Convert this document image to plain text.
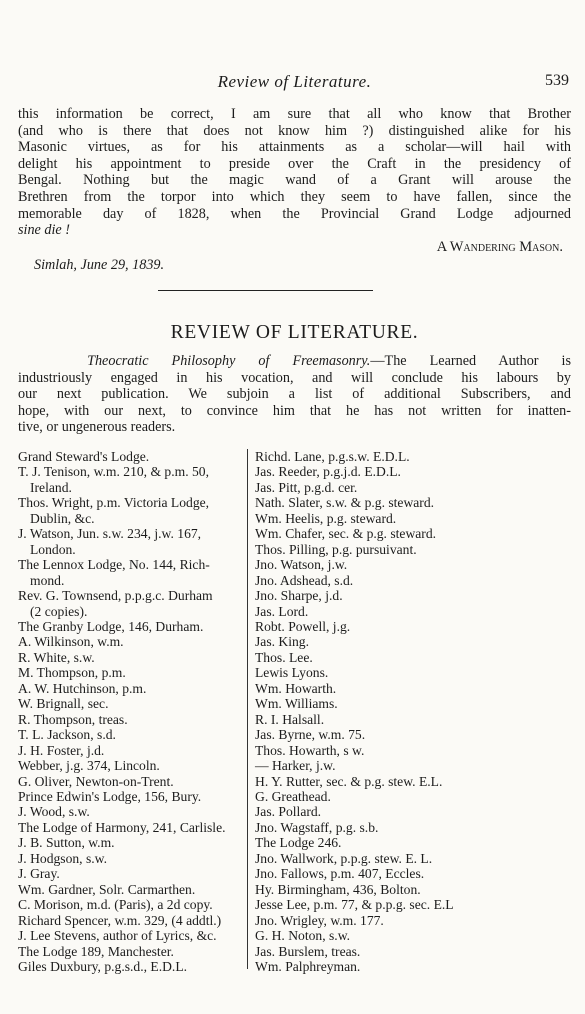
Review of Literature.	539

this information be correct, I am sure that all who know that Brother

(and who is there that does not know him ?) distinguished alike for his

Masonic virtues, as for his attainments as a scholar—will hail with

delight his appointment to preside over the Craft in the presidency of

Bengal. Nothing but the magic wand of a Grant will arouse the

Brethren from the torpor into which they seem to have fallen, since the

memorable day of 1828, when the Provincial Grand Lodge adjourned

sine die !

A Wandering Mason.
Simlah, June 29, 1839.
REVIEW OF LITERATURE.

Theocratic Philosophy of Freemasonry.—The Learned Author is

industriously engaged in his vocation, and will conclude his labours by

our next publication. We subjoin a list of additional Subscribers, and

hope, with our next, to convince him that he has not written for inatten-

tive, or ungenerous readers.

Grand Steward's Lodge.
T. J. Tenison, w.m. 210, & p.m. 50,
Ireland.
Thos. Wright, p.m. Victoria Lodge,
Dublin, &c.
J. Watson, Jun. s.w. 234, j.w. 167,
London.
The Lennox Lodge, No. 144, Rich-
mond.
Rev. G. Townsend, p.p.g.c. Durham
(2 copies).
The Granby Lodge, 146, Durham.
A. Wilkinson, w.m.
R. White, s.w.
M. Thompson, p.m.
A. W. Hutchinson, p.m.
W. Brignall, sec.
R. Thompson, treas.
T. L. Jackson, s.d.
J. H. Foster, j.d.
Webber, j.g. 374, Lincoln.
G. Oliver, Newton-on-Trent.
Prince Edwin's Lodge, 156, Bury.
J. Wood, s.w.
The Lodge of Harmony, 241, Carlisle.
J. B. Sutton, w.m.
J. Hodgson, s.w.
J. Gray.
Wm. Gardner, Solr. Carmarthen.
C. Morison, m.d. (Paris), a 2d copy.
Richard Spencer, w.m. 329, (4 addtl.)
J. Lee Stevens, author of Lyrics, &c.
The Lodge 189, Manchester.
Giles Duxbury, p.g.s.d., E.D.L.
Richd. Lane, p.g.s.w. E.D.L.
Jas. Reeder, p.g.j.d. E.D.L.
Jas. Pitt, p.g.d. cer.
Nath. Slater, s.w. & p.g. steward.
Wm. Heelis, p.g. steward.
Wm. Chafer, sec. & p.g. steward.
Thos. Pilling, p.g. pursuivant.
Jno. Watson, j.w.
Jno. Adshead, s.d.
Jno. Sharpe, j.d.
Jas. Lord.
Robt. Powell, j.g.
Jas. King.
Thos. Lee.
Lewis Lyons.
Wm. Howarth.
Wm. Williams.
R. I. Halsall.
Jas. Byrne, w.m. 75.
Thos. Howarth, s w.
— Harker, j.w.
H. Y. Rutter, sec. & p.g. stew. E.L.
G. Greathead.
Jas. Pollard.
Jno. Wagstaff, p.g. s.b.
The Lodge 246.
Jno. Wallwork, p.p.g. stew. E. L.
Jno. Fallows, p.m. 407, Eccles.
Hy. Birmingham, 436, Bolton.
Jesse Lee, p.m. 77, & p.p.g. sec. E.L
Jno. Wrigley, w.m. 177.
G. H. Noton, s.w.
Jas. Burslem, treas.
Wm. Palphreyman.
